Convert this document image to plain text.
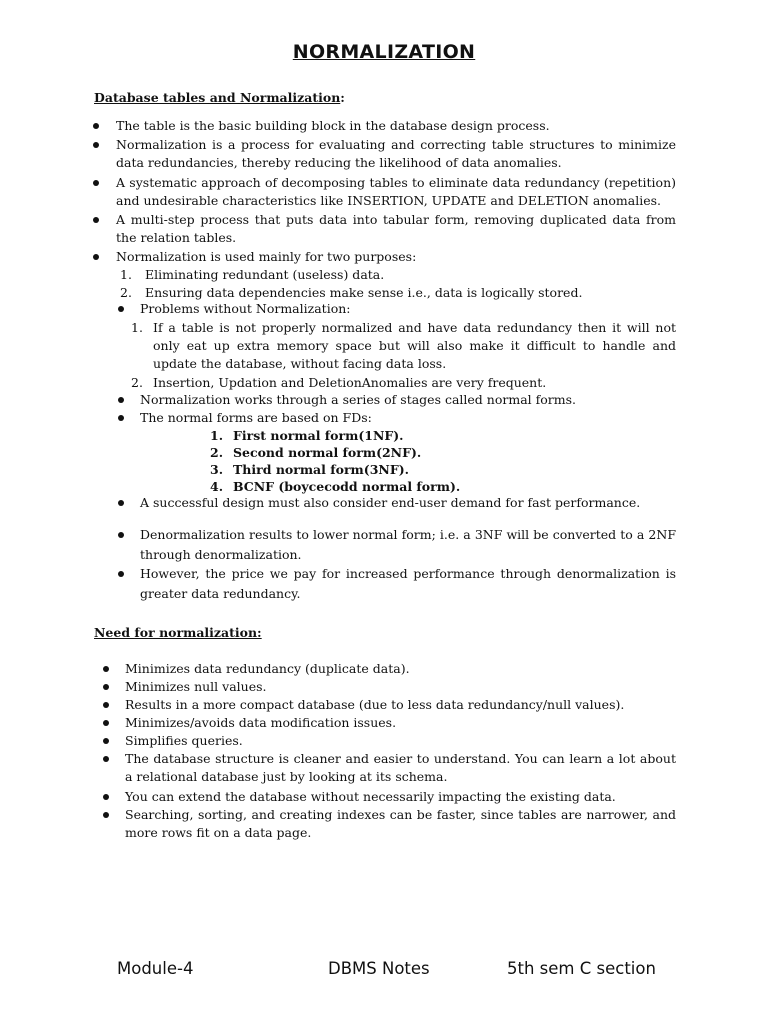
NORMALIZATION
Database tables and Normalization:
The table is the basic building block in the database design process.
Normalization is a process for evaluating and correcting table structures to minimize data redundancies, thereby reducing the likelihood of data anomalies.
A systematic approach of decomposing tables to eliminate data redundancy (repetition) and undesirable characteristics like INSERTION, UPDATE and DELETION anomalies.
A multi-step process that puts data into tabular form, removing duplicated data from the relation tables.
Normalization is used mainly for two purposes:
1.	Eliminating redundant (useless) data.
2.	Ensuring data dependencies make sense i.e., data is logically stored.
Problems without Normalization:
1. If a table is not properly normalized and have data redundancy then it will not only eat up extra memory space but will also make it difficult to handle and update the database, without facing data loss.
2. Insertion, Updation and DeletionAnomalies are very frequent.
Normalization works through a series of stages called normal forms.
The normal forms are based on FDs:
1. First normal form(1NF).
2. Second normal form(2NF).
3. Third normal form(3NF).
4. BCNF (boycecodd normal form).
A successful design must also consider end-user demand for fast performance.
Denormalization results to lower normal form; i.e. a 3NF will be converted to a 2NF through denormalization.
However, the price we pay for increased performance through denormalization is greater data redundancy.
Need for normalization:
Minimizes data redundancy (duplicate data).
Minimizes null values.
Results in a more compact database (due to less data redundancy/null values).
Minimizes/avoids data modification issues.
Simplifies queries.
The database structure is cleaner and easier to understand. You can learn a lot about a relational database just by looking at its schema.
You can extend the database without necessarily impacting the existing data.
Searching, sorting, and creating indexes can be faster, since tables are narrower, and more rows fit on a data page.
Module-4	DBMS Notes	5th sem C section
